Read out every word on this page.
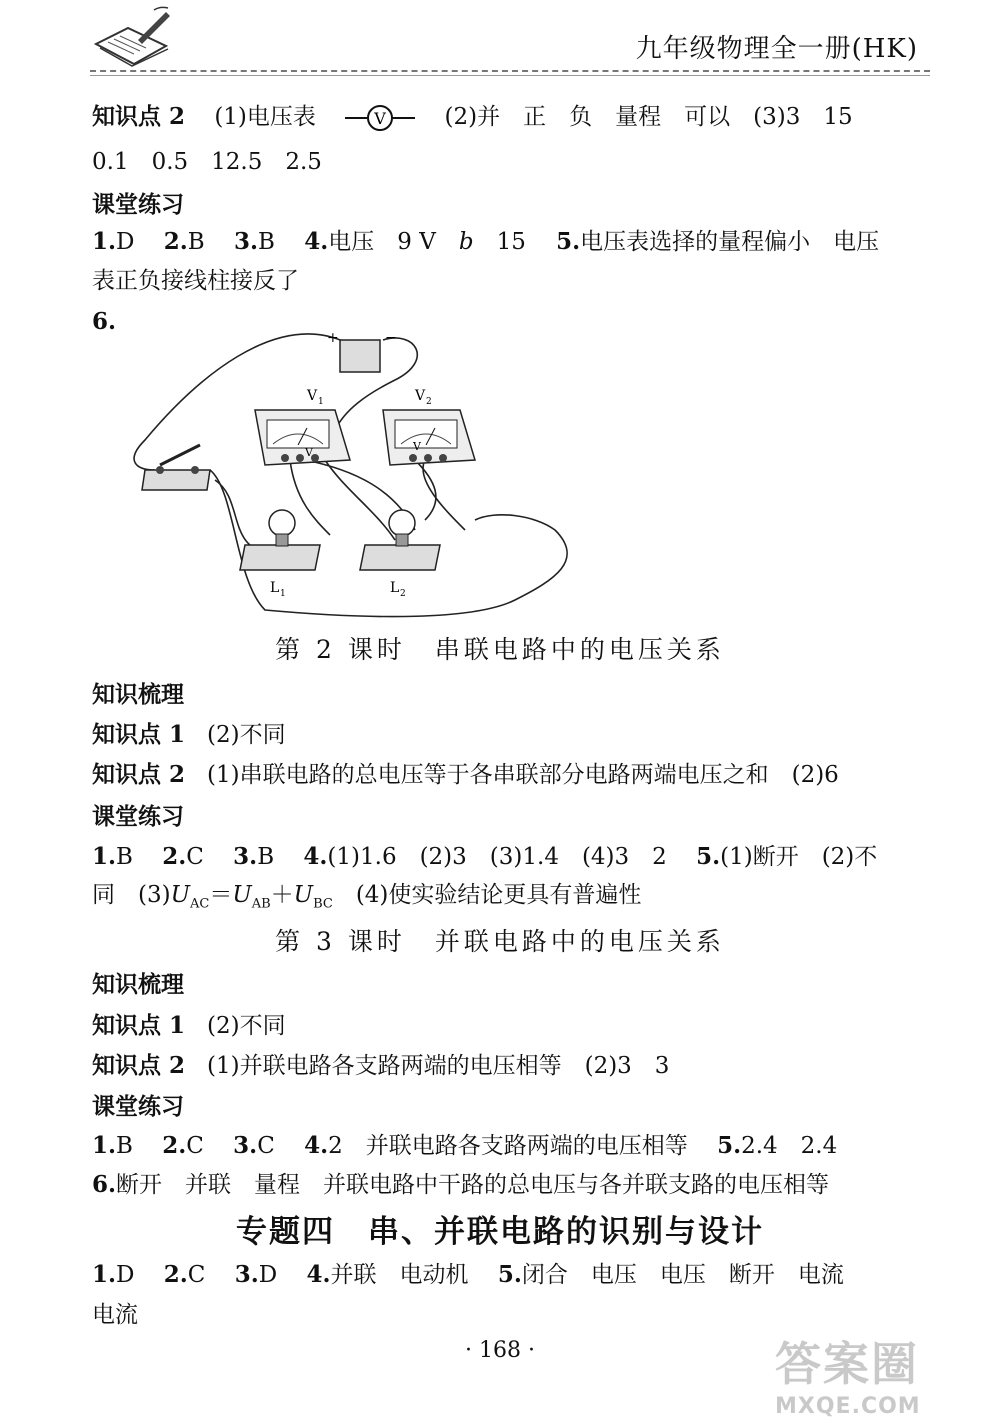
九年级物理全一册(HK)
知识点 2 (1)电压表	V	(2)并　正　负　量程　可以　(3)3　15
0.1　0.5　12.5　2.5
课堂练习
1.D 2.B 3.B 4.电压　9 V　b　15　 5.电压表选择的量程偏小　电压
表正负接线柱接反了
6.
+	−
V 1
V
V 2
V
L 1	L 2
第 2 课时　串联电路中的电压关系
知识梳理
知识点 1 (2)不同
知识点 2 (1)串联电路的总电压等于各串联部分电路两端电压之和　(2)6
课堂练习
1.B 2.C 3.B 4.(1)1.6　(2)3　(3)1.4　(4)3　2 5.(1)断开　(2)不
同　$(3)U_{AC}=U_{AB}+U_{BC}$　(4)使实验结论更具有普遍性
第 3 课时　并联电路中的电压关系
知识梳理
知识点 1 (2)不同
知识点 2 (1)并联电路各支路两端的电压相等　(2)3　3
课堂练习
1.B 2.C 3.C 4.2　并联电路各支路两端的电压相等 5.2.4　2.4
6.断开　并联　量程　并联电路中干路的总电压与各并联支路的电压相等
专题四　串、并联电路的识别与设计
1.D 2.C 3.D 4.并联　电动机 5.闭合　电压　电压　断开　电流
电流
· 168 ·	答案圈
MXQE.COM
